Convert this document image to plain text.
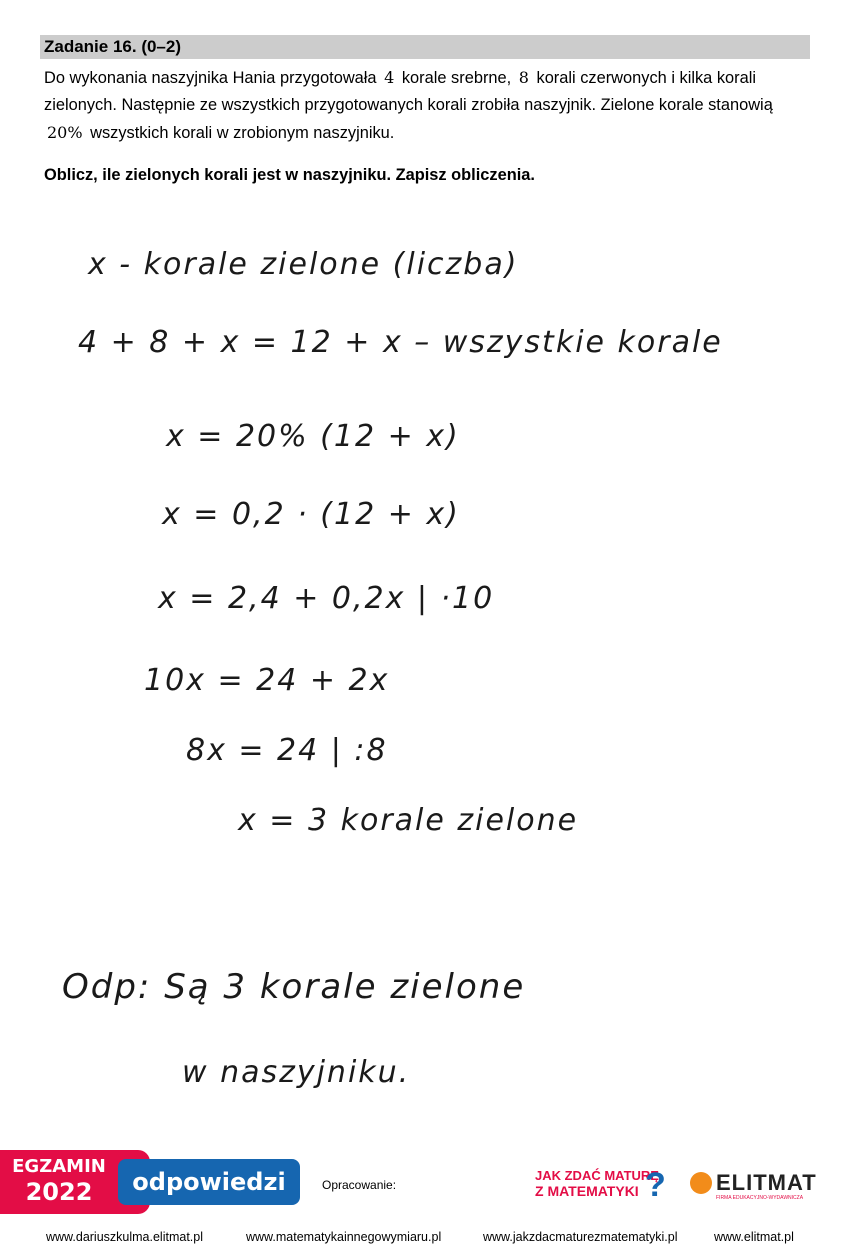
Zadanie 16. (0–2)
Do wykonania naszyjnika Hania przygotowała 4 korale srebrne, 8 korali czerwonych i kilka korali zielonych. Następnie ze wszystkich przygotowanych korali zrobiła naszyjnik. Zielone korale stanowią 20% wszystkich korali w zrobionym naszyjniku.
Oblicz, ile zielonych korali jest w naszyjniku. Zapisz obliczenia.
x - korale zielone (liczba)
4 + 8 + x = 12 + x – wszystkie korale
x = 20% (12 + x)
x = 0,2 · (12 + x)
x = 2,4 + 0,2x | ·10
10x = 24 + 2x
8x = 24 | :8
x = 3 korale zielone
Odp: Są 3 korale zielone
w naszyjniku.
EGZAMIN
2022	odpowiedzi	Opracowanie:
JAK ZDAĆ MATURĘ
Z MATEMATYKI ? ELITMAT
FIRMA EDUKACYJNO-WYDAWNICZA
www.dariuszkulma.elitmat.pl	www.matematykainnegowymiaru.pl	www.jakzdacmaturezmatematyki.pl	www.elitmat.pl
